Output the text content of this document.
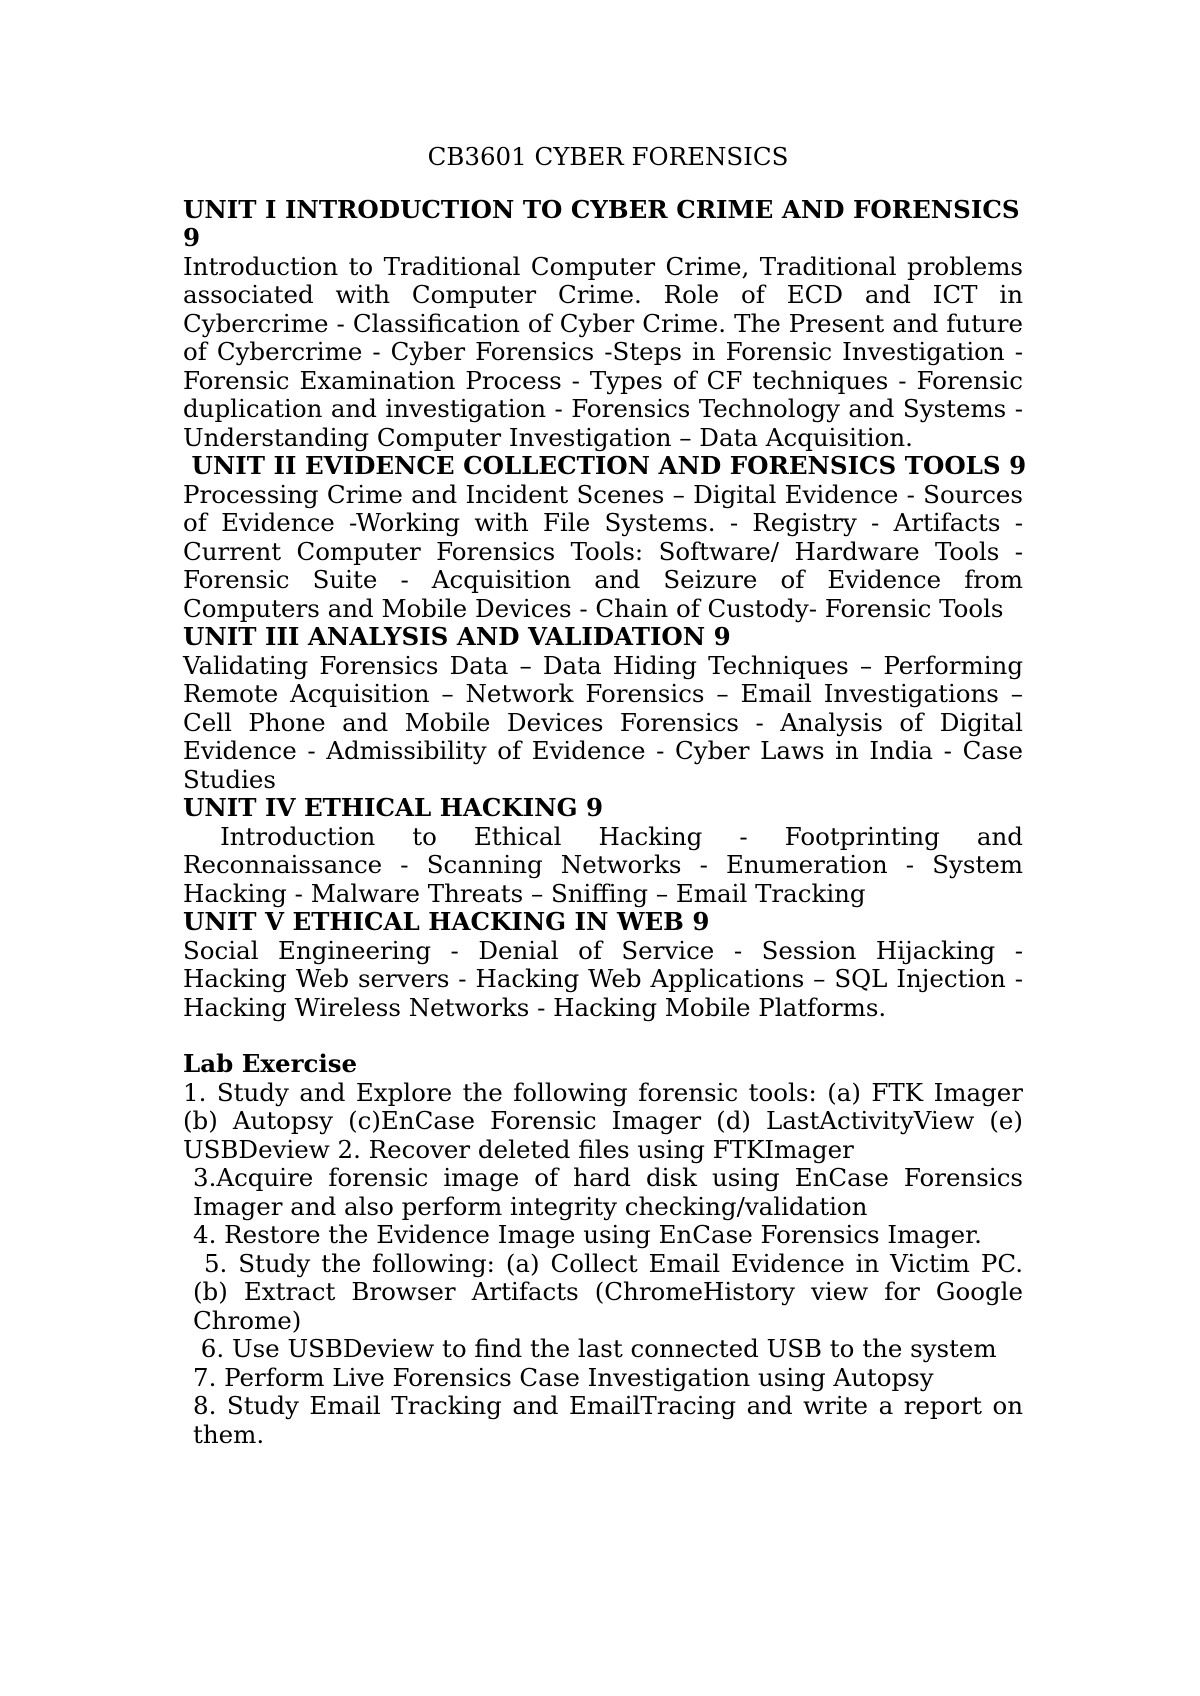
CB3601 CYBER FORENSICS

UNIT I INTRODUCTION TO CYBER CRIME AND FORENSICS 9

Introduction to Traditional Computer Crime, Traditional problems associated with Computer Crime. Role of ECD and ICT in Cybercrime - Classification of Cyber Crime. The Present and future of Cybercrime - Cyber Forensics -Steps in Forensic Investigation - Forensic Examination Process - Types of CF techniques - Forensic duplication and investigation - Forensics Technology and Systems - Understanding Computer Investigation – Data Acquisition.

UNIT II EVIDENCE COLLECTION AND FORENSICS TOOLS 9

Processing Crime and Incident Scenes – Digital Evidence - Sources of Evidence -Working with File Systems. - Registry - Artifacts - Current Computer Forensics Tools: Software/ Hardware Tools - Forensic Suite - Acquisition and Seizure of Evidence from Computers and Mobile Devices - Chain of Custody- Forensic Tools

UNIT III ANALYSIS AND VALIDATION 9

Validating Forensics Data – Data Hiding Techniques – Performing Remote Acquisition – Network Forensics – Email Investigations – Cell Phone and Mobile Devices Forensics - Analysis of Digital Evidence - Admissibility of Evidence - Cyber Laws in India - Case Studies

UNIT IV ETHICAL HACKING 9

Introduction to Ethical Hacking - Footprinting and Reconnaissance - Scanning Networks - Enumeration - System Hacking - Malware Threats – Sniffing – Email Tracking

UNIT V ETHICAL HACKING IN WEB 9

Social Engineering - Denial of Service - Session Hijacking - Hacking Web servers - Hacking Web Applications – SQL Injection - Hacking Wireless Networks - Hacking Mobile Platforms.

Lab Exercise

1. Study and Explore the following forensic tools: (a) FTK Imager (b) Autopsy (c)EnCase Forensic Imager (d) LastActivityView (e) USBDeview 2. Recover deleted files using FTKImager

3.Acquire forensic image of hard disk using EnCase Forensics Imager and also perform integrity checking/validation

4. Restore the Evidence Image using EnCase Forensics Imager.

5. Study the following: (a) Collect Email Evidence in Victim PC. (b) Extract Browser Artifacts (ChromeHistory view for Google Chrome)

6. Use USBDeview to find the last connected USB to the system

7. Perform Live Forensics Case Investigation using Autopsy

8. Study Email Tracking and EmailTracing and write a report on them.
